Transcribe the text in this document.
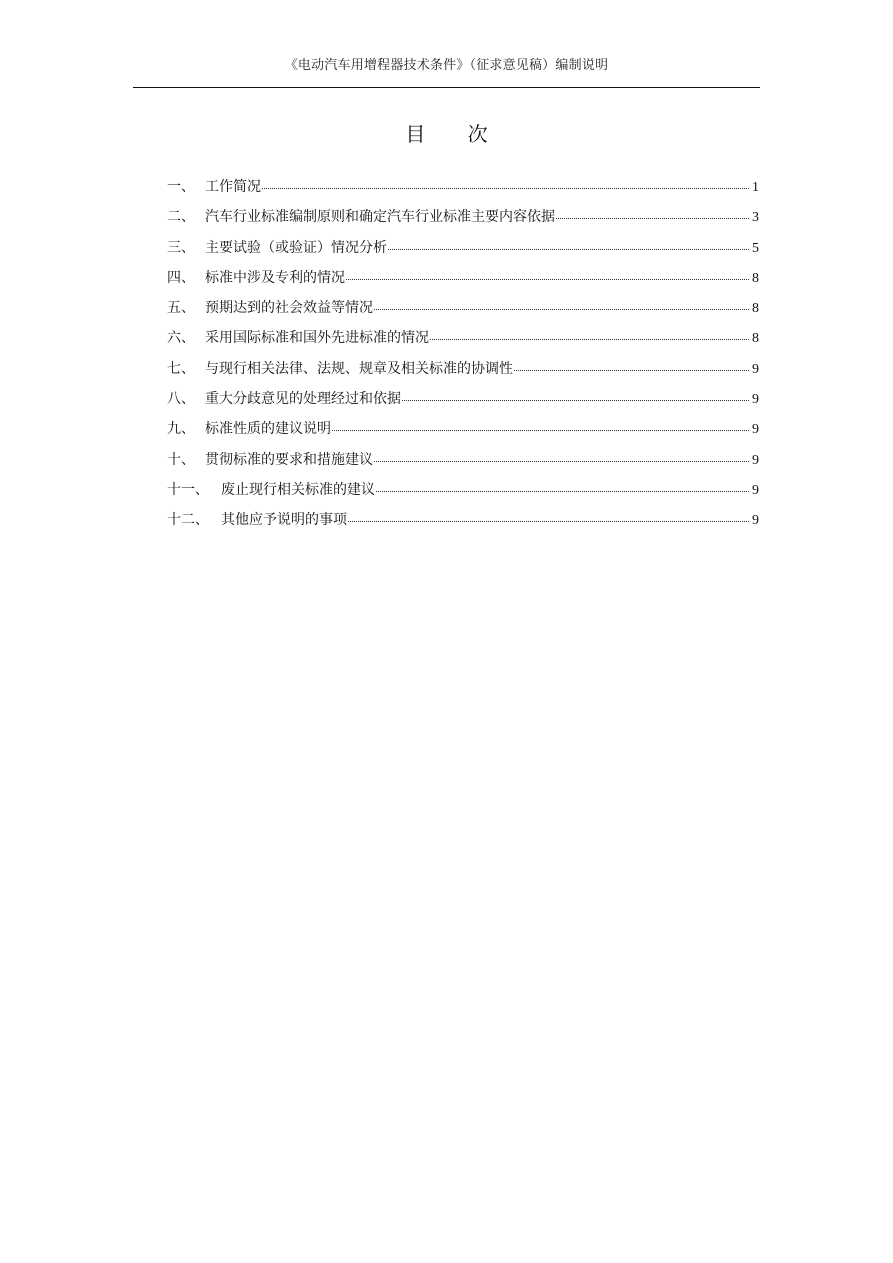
《电动汽车用增程器技术条件》（征求意见稿）编制说明
目 次
一、 工作简况	1
二、 汽车行业标准编制原则和确定汽车行业标准主要内容依据	3
三、 主要试验（或验证）情况分析	5
四、 标准中涉及专利的情况	8
五、 预期达到的社会效益等情况	8
六、 采用国际标准和国外先进标准的情况	8
七、 与现行相关法律、法规、规章及相关标准的协调性	9
八、 重大分歧意见的处理经过和依据	9
九、 标准性质的建议说明	9
十、 贯彻标准的要求和措施建议	9
十一、 废止现行相关标准的建议	9
十二、 其他应予说明的事项	9
